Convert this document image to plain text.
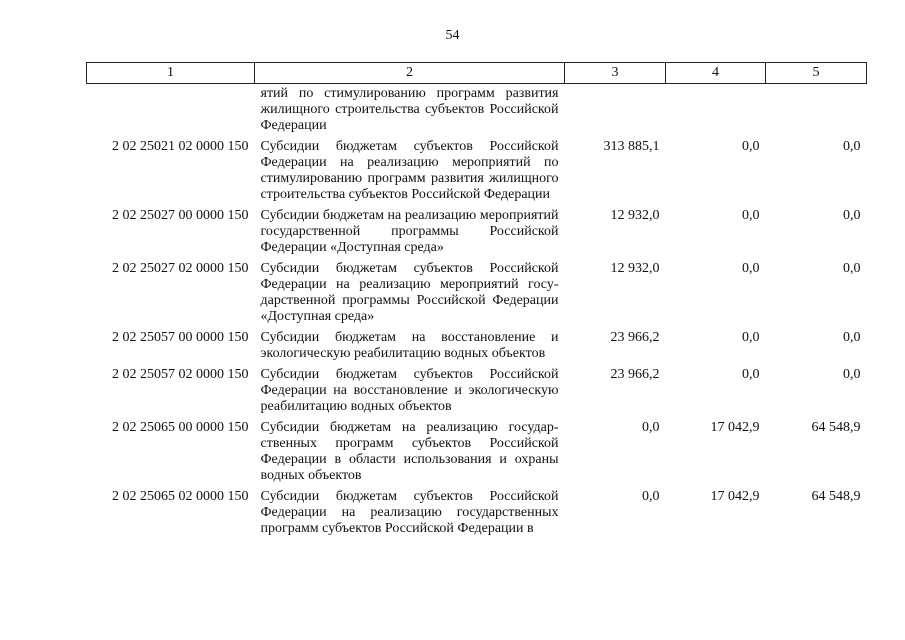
54
1	2	3	4	5
	ятий по стимулированию программ развития жилищного строительства субъектов Российской Федерации			
2 02 25021 02 0000 150	Субсидии бюджетам субъектов Российской Федерации на реализацию мероприятий по стимулированию программ развития жилищного строительства субъектов Российской Федерации	313 885,1	0,0	0,0
2 02 25027 00 0000 150	Субсидии бюджетам на реализацию мероприятий государственной программы Российской Федерации «Доступная среда»	12 932,0	0,0	0,0
2 02 25027 02 0000 150	Субсидии бюджетам субъектов Российской Федерации на реализацию мероприятий государственной программы Российской Федерации «Доступная среда»	12 932,0	0,0	0,0
2 02 25057 00 0000 150	Субсидии бюджетам на восстановление и экологическую реабилитацию водных объектов	23 966,2	0,0	0,0
2 02 25057 02 0000 150	Субсидии бюджетам субъектов Российской Федерации на восстановление и экологическую реабилитацию водных объектов	23 966,2	0,0	0,0
2 02 25065 00 0000 150	Субсидии бюджетам на реализацию государственных программ субъектов Российской Федерации в области использования и охраны водных объектов	0,0	17 042,9	64 548,9
2 02 25065 02 0000 150	Субсидии бюджетам субъектов Российской Федерации на реализацию государственных программ субъектов Российской Федерации в	0,0	17 042,9	64 548,9
